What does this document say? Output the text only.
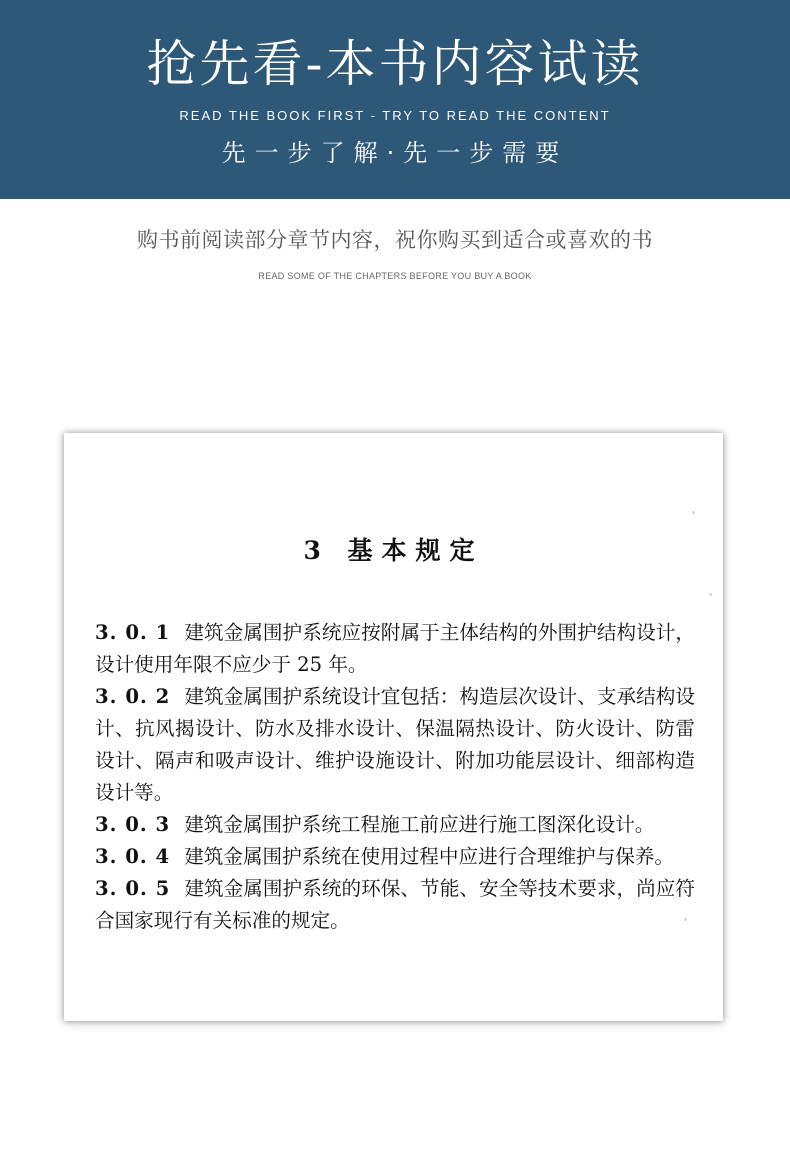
抢先看-本书内容试读
READ THE BOOK FIRST - TRY TO READ THE CONTENT
先一步了解·先一步需要
购书前阅读部分章节内容，祝你购买到适合或喜欢的书
READ SOME OF THE CHAPTERS BEFORE YOU BUY A BOOK
3 基本规定

3. 0. 1 建筑金属围护系统应按附属于主体结构的外围护结构设计，设计使用年限不应少于 25 年。

3. 0. 2 建筑金属围护系统设计宜包括：构造层次设计、支承结构设计、抗风揭设计、防水及排水设计、保温隔热设计、防火设计、防雷设计、隔声和吸声设计、维护设施设计、附加功能层设计、细部构造设计等。

3. 0. 3 建筑金属围护系统工程施工前应进行施工图深化设计。

3. 0. 4 建筑金属围护系统在使用过程中应进行合理维护与保养。

3. 0. 5 建筑金属围护系统的环保、节能、安全等技术要求，尚应符合国家现行有关标准的规定。
